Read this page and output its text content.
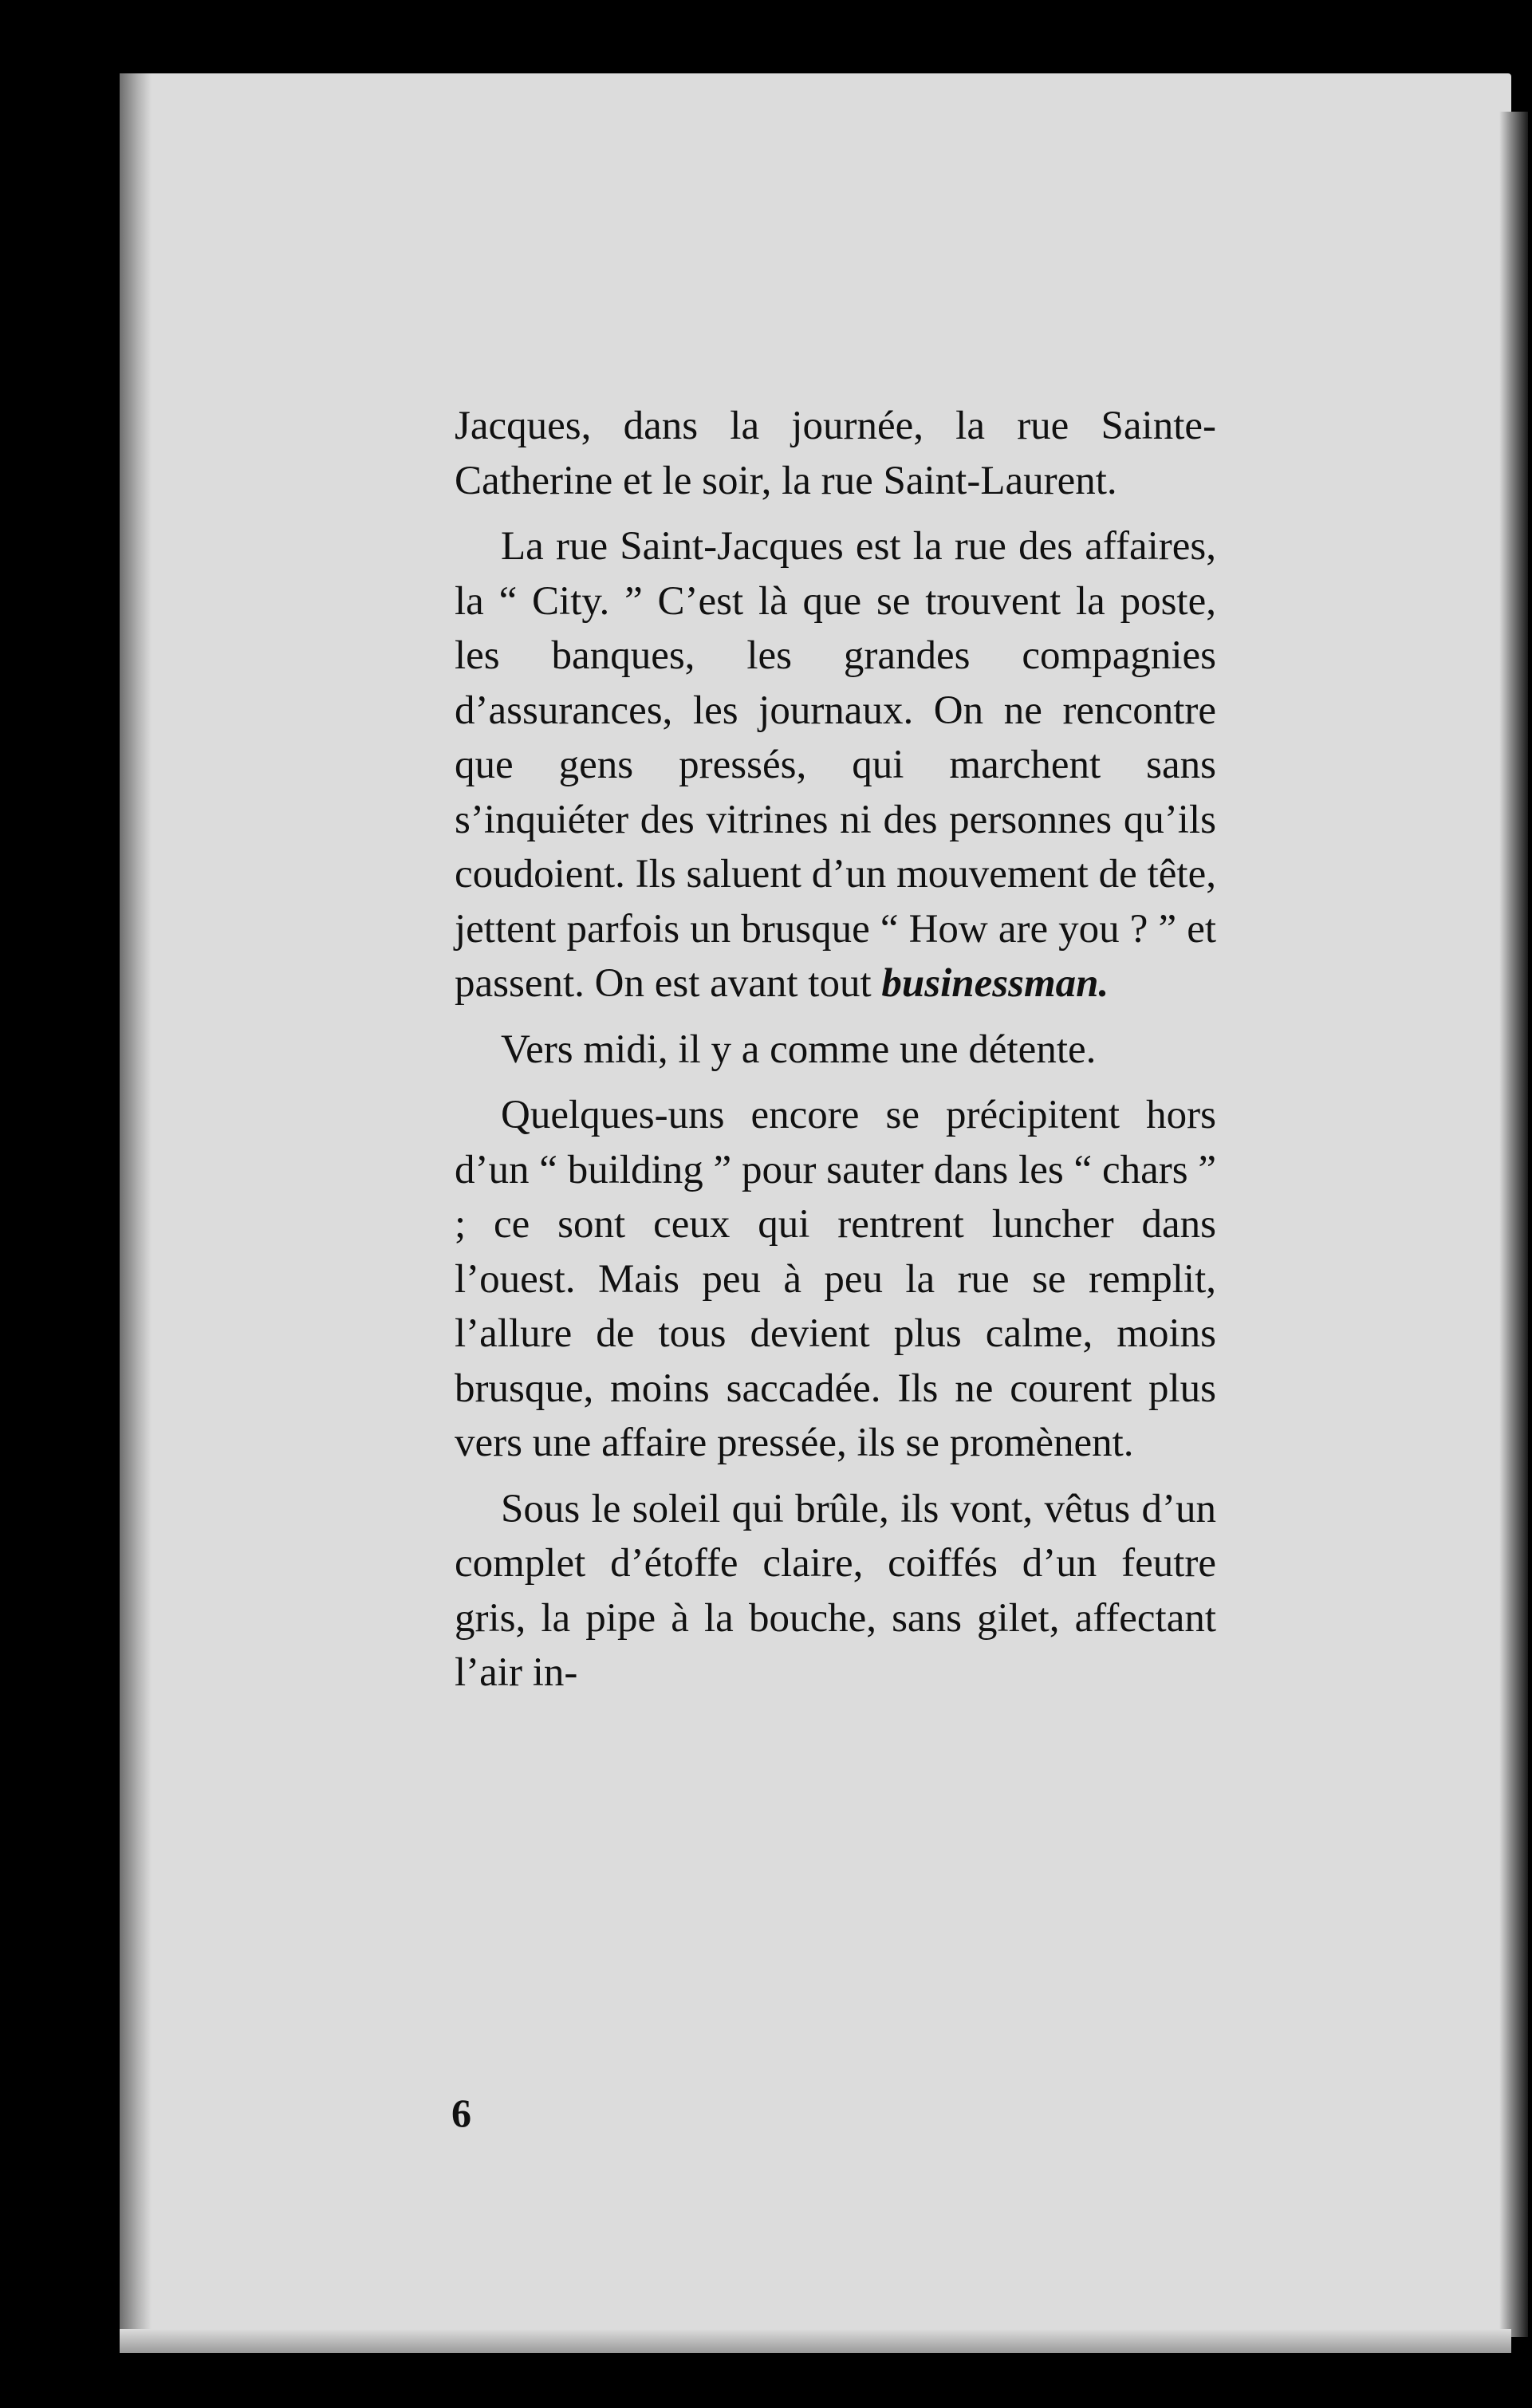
Jacques, dans la journée, la rue Sainte-Catherine et le soir, la rue Saint-Laurent.

La rue Saint-Jacques est la rue des affaires, la “ City. ” C’est là que se trouvent la poste, les banques, les grandes compagnies d’assurances, les journaux. On ne rencontre que gens pressés, qui marchent sans s’inquiéter des vitrines ni des personnes qu’ils coudoient. Ils saluent d’un mouvement de tête, jettent parfois un brusque “ How are you ? ” et passent. On est avant tout businessman.

Vers midi, il y a comme une détente.

Quelques-uns encore se précipitent hors d’un “ building ” pour sauter dans les “ chars ” ; ce sont ceux qui rentrent luncher dans l’ouest. Mais peu à peu la rue se remplit, l’allure de tous devient plus calme, moins brusque, moins saccadée. Ils ne courent plus vers une affaire pressée, ils se promènent.

Sous le soleil qui brûle, ils vont, vêtus d’un complet d’étoffe claire, coiffés d’un feutre gris, la pipe à la bouche, sans gilet, affectant l’air in-

6
